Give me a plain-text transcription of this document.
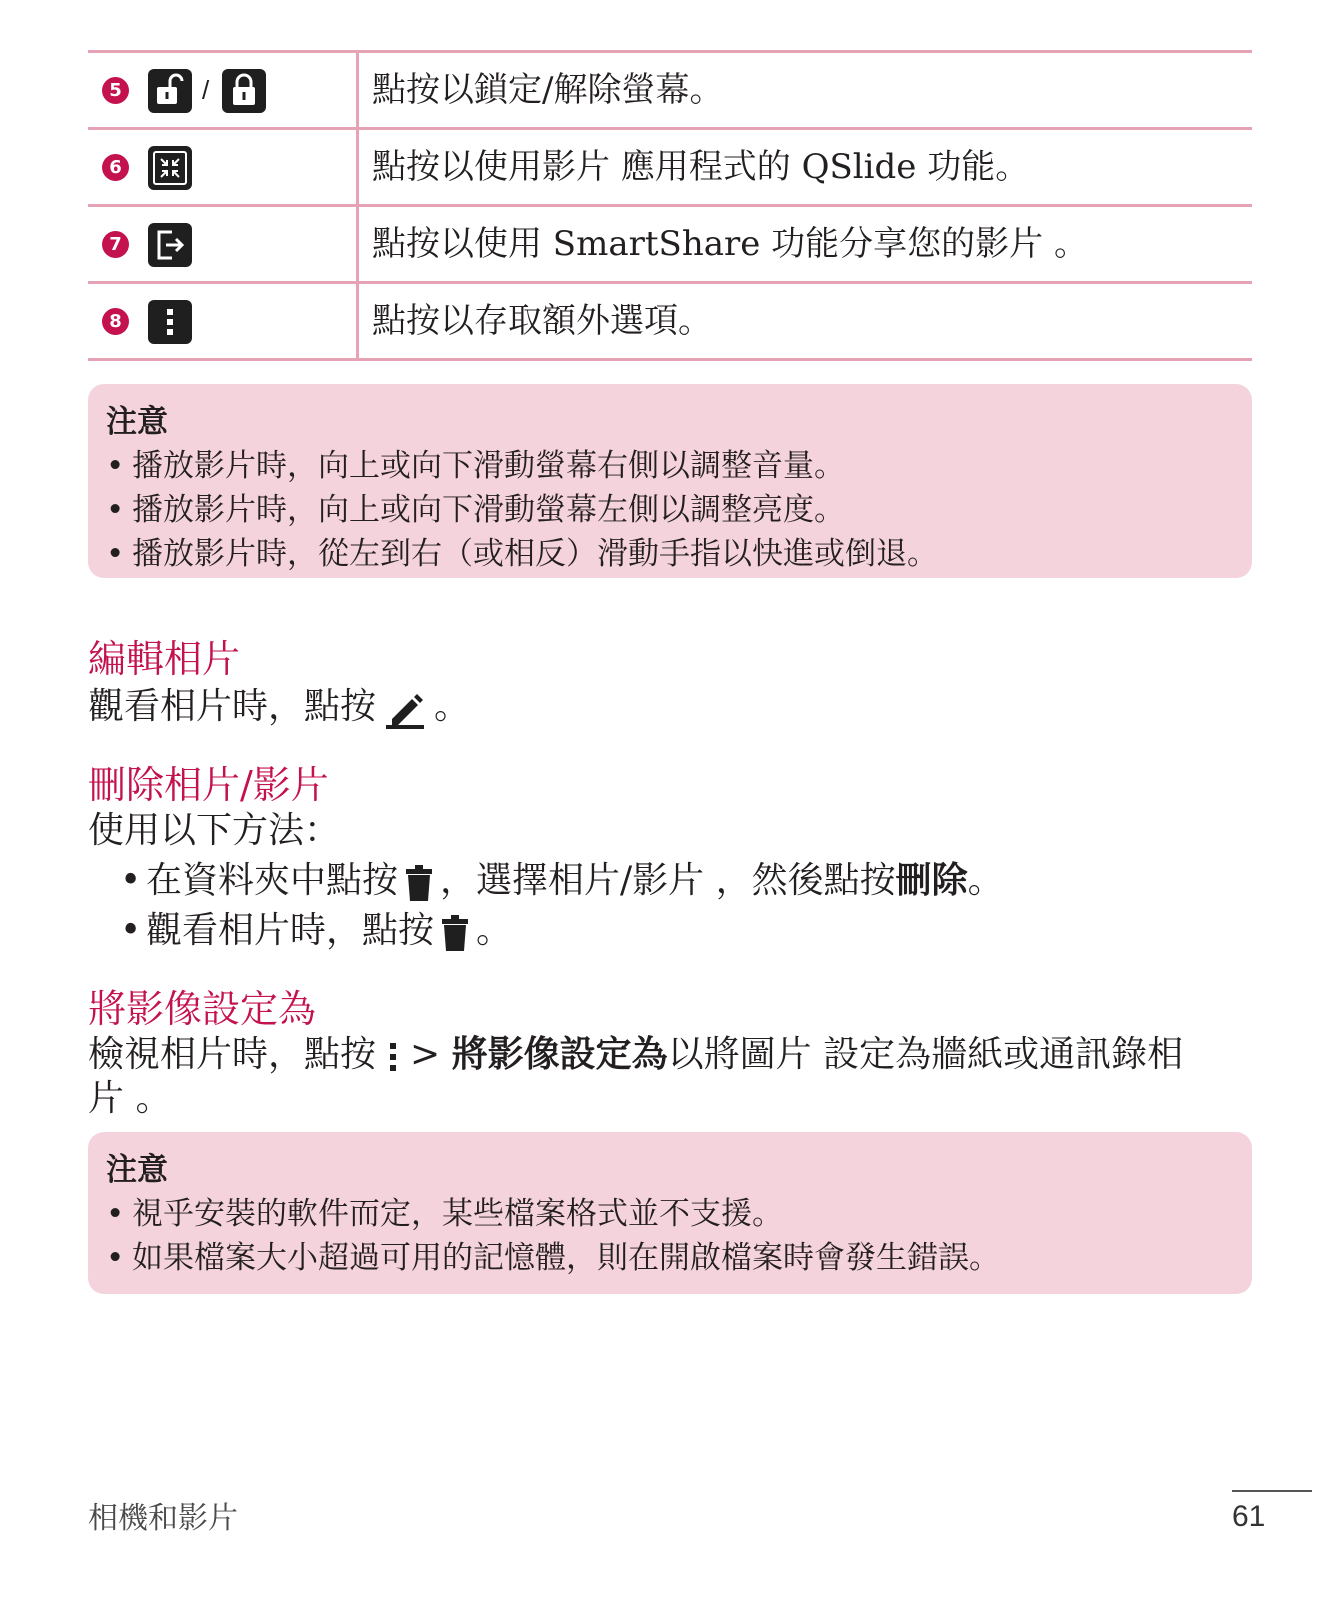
5	/	點按以鎖定/解除螢幕。
6	點按以使用影片 應用程式的 QSlide 功能。
7	點按以使用 SmartShare 功能分享您的影片 。
8	點按以存取額外選項。
注意
• 播放影片時，向上或向下滑動螢幕右側以調整音量。
• 播放影片時，向上或向下滑動螢幕左側以調整亮度。
• 播放影片時，從左到右（或相反）滑動手指以快進或倒退。
編輯相片
觀看相片時，點按 。
刪除相片/影片
使用以下方法：
• 在資料夾中點按 ，選擇相片/影片 ，然後點按刪除。
• 觀看相片時，點按 。
將影像設定為
檢視相片時，點按 > 將影像設定為以將圖片 設定為牆紙或通訊錄相
片 。
注意
• 視乎安裝的軟件而定，某些檔案格式並不支援。
• 如果檔案大小超過可用的記憶體，則在開啟檔案時會發生錯誤。
相機和影片	61
